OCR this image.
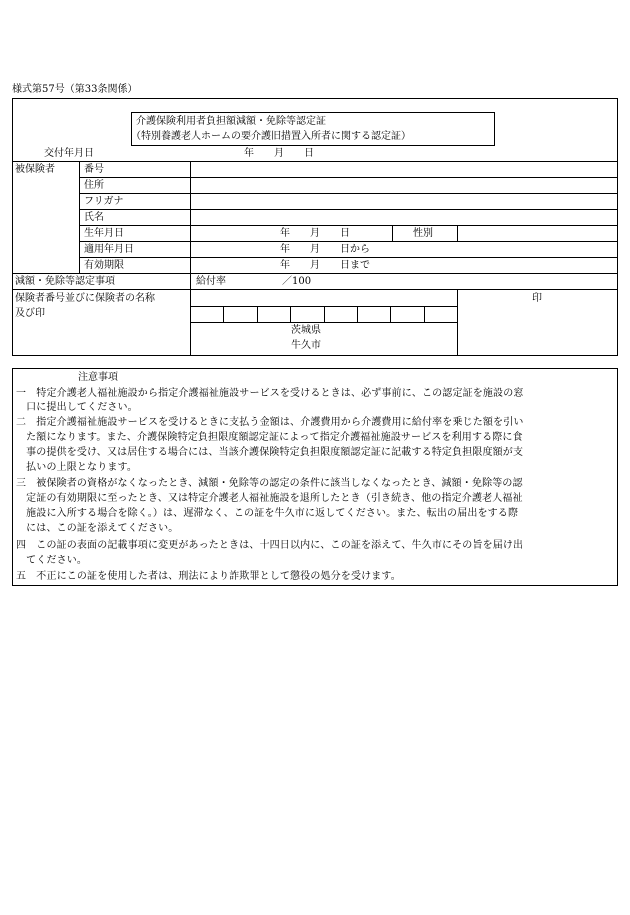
様式第57号（第33条関係）
介護保険利用者負担額減額・免除等認定証
（特別養護老人ホームの要介護旧措置入所者に関する認定証）
交付年月日	年　　月　　日
被保険者	番号
住所
フリガナ
氏名
生年月日	年　　月　　日	性別
適用年月日	年　　月　　日から
有効期限	年　　月　　日まで
減額・免除等認定事項	給付率	／100
保険者番号並びに保険者の名称
及び印
茨城県
牛久市
印
注意事項
一　特定介護老人福祉施設から指定介護福祉施設サービスを受けるときは、必ず事前に、この認定証を施設の窓
　口に提出してください。
二　指定介護福祉施設サービスを受けるときに支払う金額は、介護費用から介護費用に給付率を乗じた額を引い
　た額になります。また、介護保険特定負担限度額認定証によって指定介護福祉施設サービスを利用する際に食
　事の提供を受け、又は居住する場合には、当該介護保険特定負担限度額認定証に記載する特定負担限度額が支
　払いの上限となります。
三　被保険者の資格がなくなったとき、減額・免除等の認定の条件に該当しなくなったとき、減額・免除等の認
　定証の有効期限に至ったとき、又は特定介護老人福祉施設を退所したとき（引き続き、他の指定介護老人福祉
　施設に入所する場合を除く。）は、遅滞なく、この証を牛久市に返してください。また、転出の届出をする際
　には、この証を添えてください。
四　この証の表面の記載事項に変更があったときは、十四日以内に、この証を添えて、牛久市にその旨を届け出
　てください。
五　不正にこの証を使用した者は、刑法により詐欺罪として懲役の処分を受けます。
